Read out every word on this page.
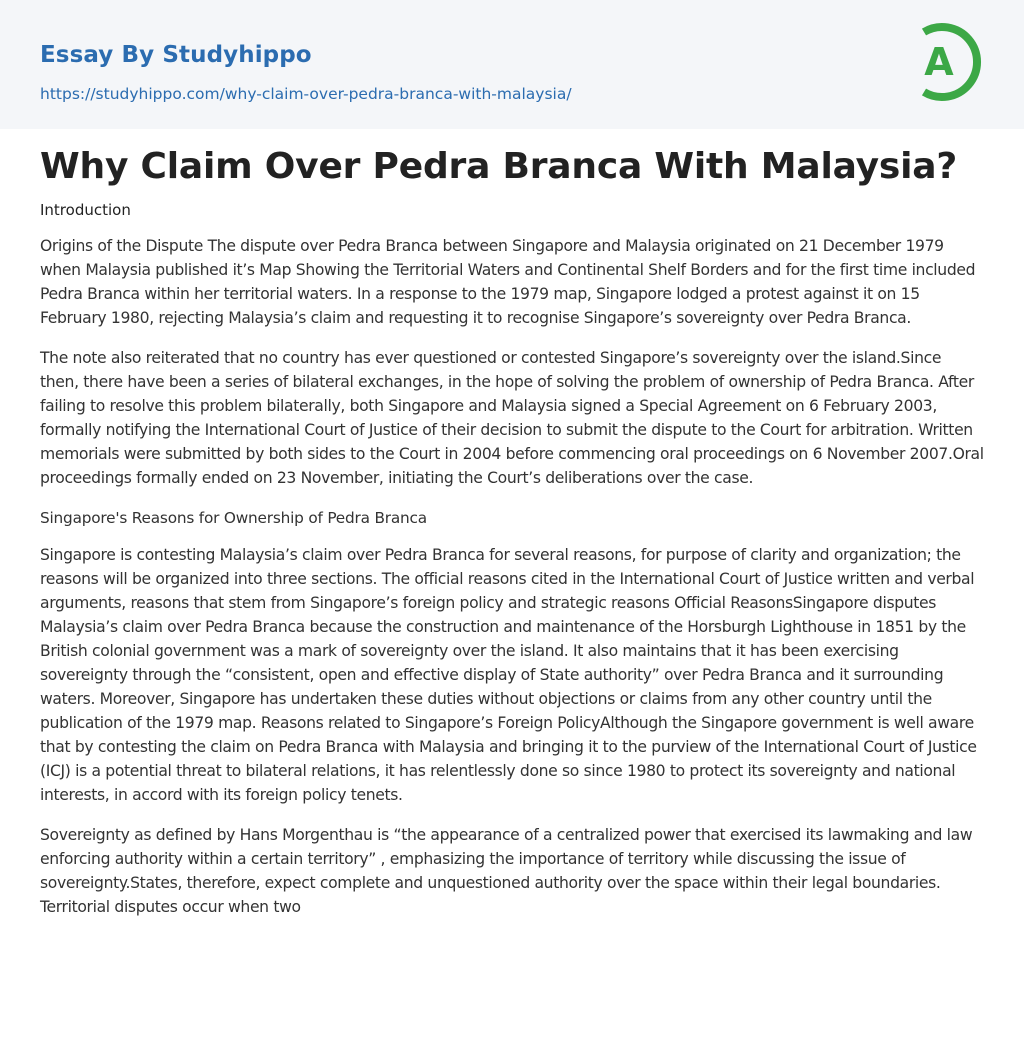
Essay By Studyhippo
https://studyhippo.com/why-claim-over-pedra-branca-with-malaysia/
A
Why Claim Over Pedra Branca With Malaysia?
Introduction

Origins of the Dispute The dispute over Pedra Branca between Singapore and Malaysia originated on 21 December 1979 when Malaysia published it’s Map Showing the Territorial Waters and Continental Shelf Borders and for the first time included Pedra Branca within her territorial waters. In a response to the 1979 map, Singapore lodged a protest against it on 15 February 1980, rejecting Malaysia’s claim and requesting it to recognise Singapore’s sovereignty over Pedra Branca.

The note also reiterated that no country has ever questioned or contested Singapore’s sovereignty over the island.Since then, there have been a series of bilateral exchanges, in the hope of solving the problem of ownership of Pedra Branca. After failing to resolve this problem bilaterally, both Singapore and Malaysia signed a Special Agreement on 6 February 2003, formally notifying the International Court of Justice of their decision to submit the dispute to the Court for arbitration. Written memorials were submitted by both sides to the Court in 2004 before commencing oral proceedings on 6 November 2007.Oral proceedings formally ended on 23 November, initiating the Court’s deliberations over the case.

Singapore's Reasons for Ownership of Pedra Branca

Singapore is contesting Malaysia’s claim over Pedra Branca for several reasons, for purpose of clarity and organization; the reasons will be organized into three sections. The official reasons cited in the International Court of Justice written and verbal arguments, reasons that stem from Singapore’s foreign policy and strategic reasons Official ReasonsSingapore disputes Malaysia’s claim over Pedra Branca because the construction and maintenance of the Horsburgh Lighthouse in 1851 by the British colonial government was a mark of sovereignty over the island. It also maintains that it has been exercising sovereignty through the “consistent, open and effective display of State authority” over Pedra Branca and it surrounding waters. Moreover, Singapore has undertaken these duties without objections or claims from any other country until the publication of the 1979 map. Reasons related to Singapore’s Foreign PolicyAlthough the Singapore government is well aware that by contesting the claim on Pedra Branca with Malaysia and bringing it to the purview of the International Court of Justice (ICJ) is a potential threat to bilateral relations, it has relentlessly done so since 1980 to protect its sovereignty and national interests, in accord with its foreign policy tenets.

Sovereignty as defined by Hans Morgenthau is “the appearance of a centralized power that exercised its lawmaking and law enforcing authority within a certain territory” , emphasizing the importance of territory while discussing the issue of sovereignty.States, therefore, expect complete and unquestioned authority over the space within their legal boundaries. Territorial disputes occur when two
